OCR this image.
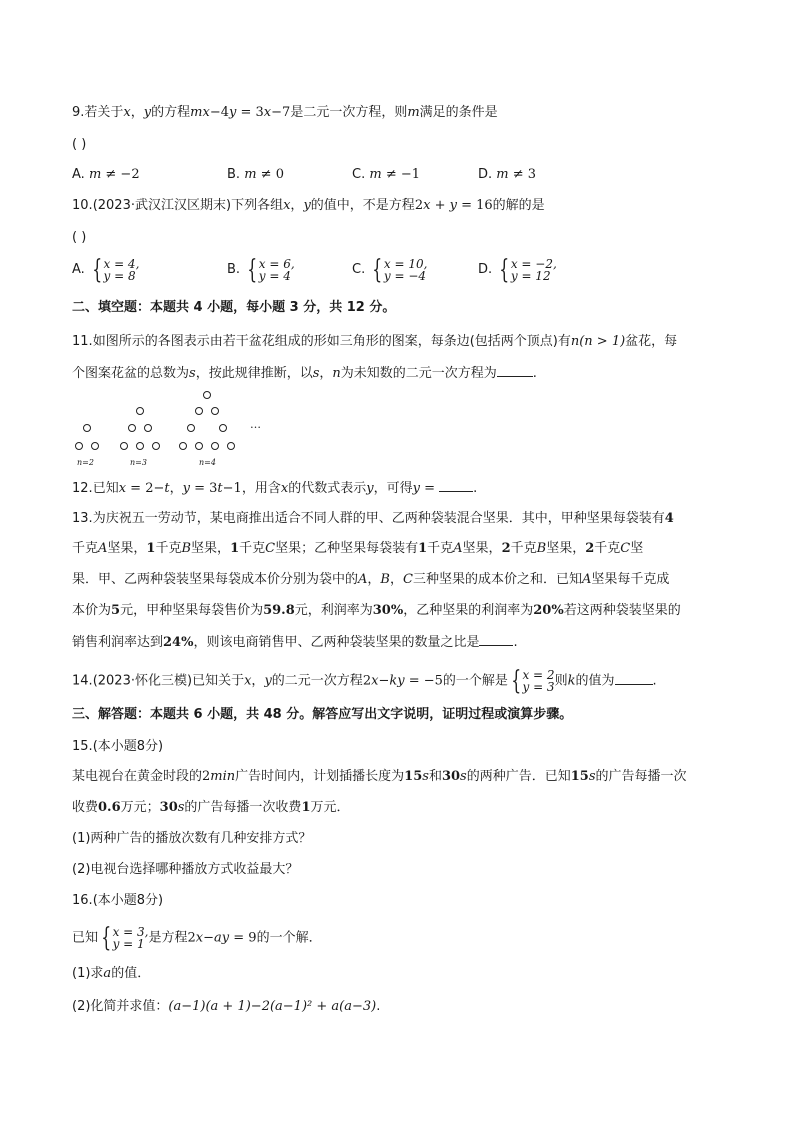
9.若关于x，y的方程mx−4y = 3x−7是二元一次方程，则m满足的条件是
( )
A. m ≠ −2	B. m ≠ 0	C. m ≠ −1	D. m ≠ 3
10.(2023·武汉江汉区期末)下列各组x，y的值中，不是方程2x + y = 16的解的是
( )
A. { x = 4,
y = 8	B. { x = 6,
y = 4	C. { x = 10,
y = −4	D. { x = −2,
y = 12
二、填空题：本题共 4 小题，每小题 3 分，共 12 分。
11.如图所示的各图表示由若干盆花组成的形如三角形的图案，每条边(包括两个顶点)有n(n > 1)盆花，每
个图案花盆的总数为s，按此规律推断，以s，n为未知数的二元一次方程为	.
n=2	n=3	n=4
…
12.已知x = 2−t，y = 3t−1，用含x的代数式表示y，可得y =	.
13.为庆祝五一劳动节，某电商推出适合不同人群的甲、乙两种袋装混合坚果．其中，甲种坚果每袋装有4
千克A坚果，1千克B坚果，1千克C坚果；乙种坚果每袋装有1千克A坚果，2千克B坚果，2千克C坚
果．甲、乙两种袋装坚果每袋成本价分别为袋中的A，B，C三种坚果的成本价之和．已知A坚果每千克成
本价为5元，甲种坚果每袋售价为59.8元，利润率为30%，乙种坚果的利润率为20%若这两种袋装坚果的
销售利润率达到24%，则该电商销售甲、乙两种袋装坚果的数量之比是	.
14.(2023·怀化三模)已知关于x，y的二元一次方程2x−ky = −5的一个解是 { x = 2
y = 3 则k的值为	.
三、解答题：本题共 6 小题，共 48 分。解答应写出文字说明，证明过程或演算步骤。
15.(本小题8分)
某电视台在黄金时段的2min广告时间内，计划插播长度为15s和30s的两种广告．已知15s的广告每播一次
收费0.6万元；30s的广告每播一次收费1万元．
(1)两种广告的播放次数有几种安排方式？
(2)电视台选择哪种播放方式收益最大？
16.(本小题8分)
已知 { x = 3,
y = 1 是方程2x−ay = 9的一个解．
(1)求a的值．
(2)化简并求值：(a−1)(a + 1)−2(a−1)² + a(a−3).
